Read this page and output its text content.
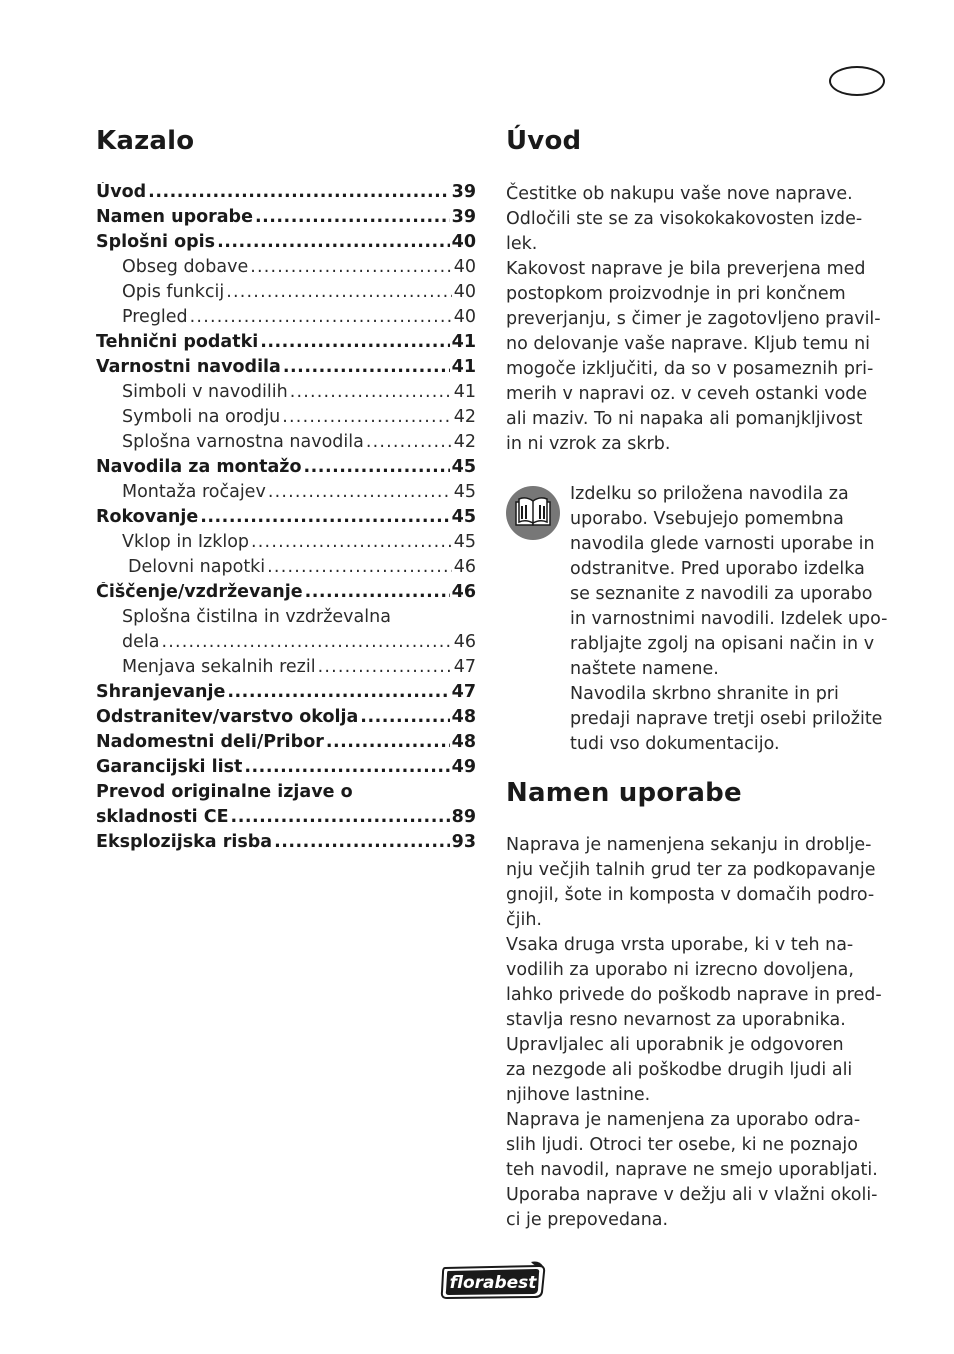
Kazalo
Úvod .....	39
Namen uporabe .....	39
Splošni opis .....	40
Obseg dobave .....	40
Opis funkcij .....	40
Pregled .....	40
Tehnični podatki .....	41
Varnostni navodila .....	41
Simboli v navodilih .....	41
Symboli na orodju .....	42
Splošna varnostna navodila .....	42
Navodila za montažo .....	45
Montaža ročajev .....	45
Rokovanje .....	45
Vklop in Izklop .....	45
Delovni napotki .....	46
Čiščenje/vzdrževanje .....	46
Splošna čistilna in vzdrževalna
dela .....	46
Menjava sekalnih rezil .....	47
Shranjevanje .....	47
Odstranitev/varstvo okolja .....	48
Nadomestni deli/Pribor .....	48
Garancijski list .....	49
Prevod originalne izjave o
skladnosti CE .....	89
Eksplozijska risba .....	93
Úvod

Čestitke ob nakupu vaše nove naprave.
Odločili ste se za visokokakovosten izde-
lek.
Kakovost naprave je bila preverjena med
postopkom proizvodnje in pri končnem
preverjanju, s čimer je zagotovljeno pravil-
no delovanje vaše naprave. Kljub temu ni
mogoče izključiti, da so v posameznih pri-
merih v napravi oz. v ceveh ostanki vode
ali maziv. To ni napaka ali pomanjkljivost
in ni vzrok za skrb.

Izdelku so priložena navodila za
uporabo. Vsebujejo pomembna
navodila glede varnosti uporabe in
odstranitve. Pred uporabo izdelka
se seznanite z navodili za uporabo
in varnostnimi navodili. Izdelek upo-
rabljajte zgolj na opisani način in v
naštete namene.
Navodila skrbno shranite in pri
predaji naprave tretji osebi priložite
tudi vso dokumentacijo.

Namen uporabe

Naprava je namenjena sekanju in droblje-
nju večjih talnih grud ter za podkopavanje
gnojil, šote in komposta v domačih podro-
čjih.
Vsaka druga vrsta uporabe, ki v teh na-
vodilih za uporabo ni izrecno dovoljena,
lahko privede do poškodb naprave in pred-
stavlja resno nevarnost za uporabnika.
Upravljalec ali uporabnik je odgovoren
za nezgode ali poškodbe drugih ljudi ali
njihove lastnine.
Naprava je namenjena za uporabo odra-
slih ljudi. Otroci ter osebe, ki ne poznajo
teh navodil, naprave ne smejo uporabljati.
Uporaba naprave v dežju ali v vlažni okoli-
ci je prepovedana.

florabest
